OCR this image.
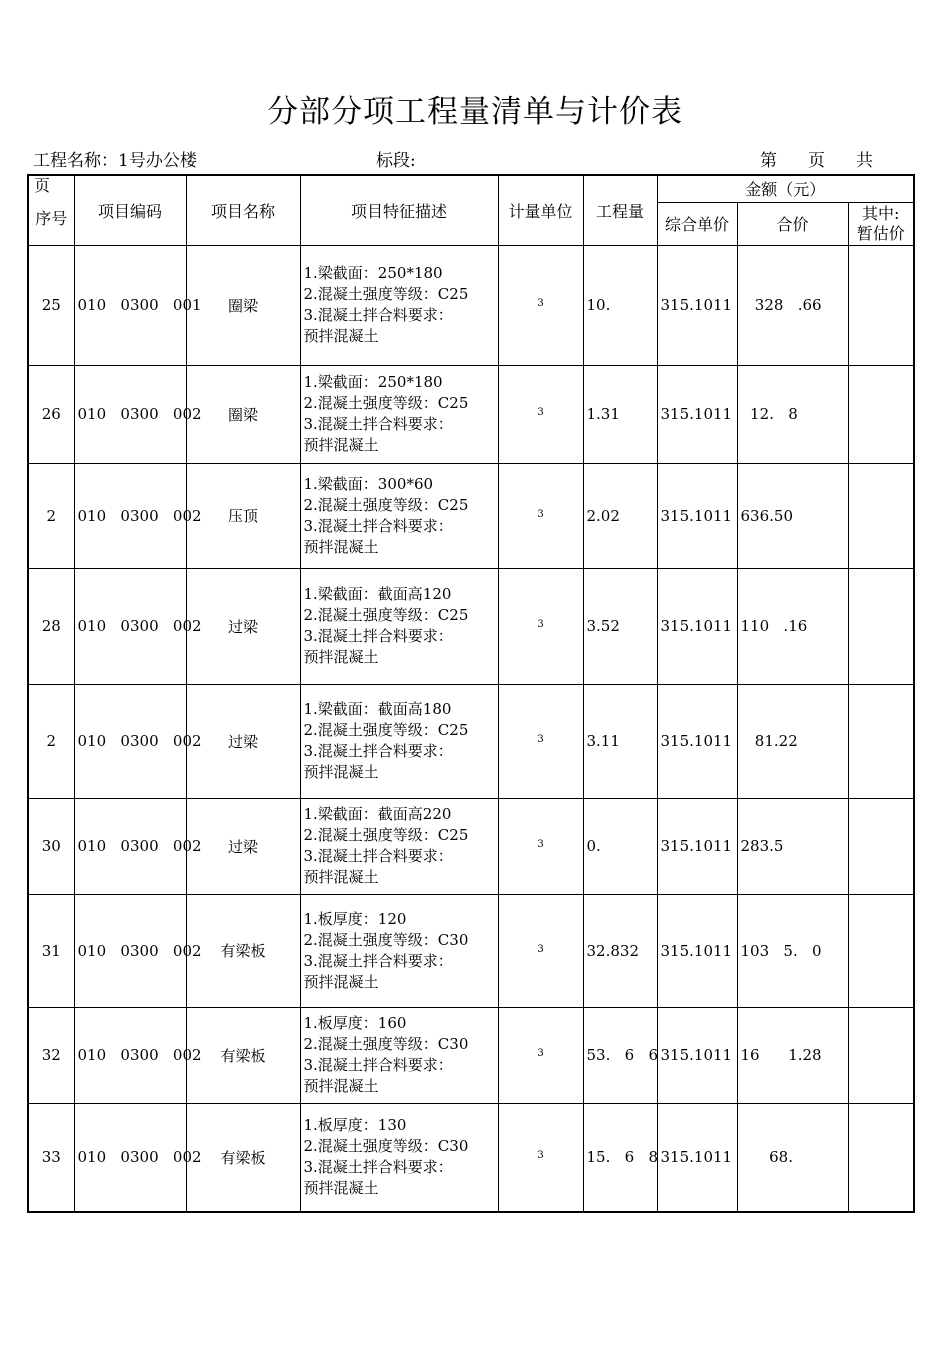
分部分项工程量清单与计价表
工程名称：1号办公楼	标段:	第 页 共
页
序号	项目编码	项目名称	项目特征描述	计量单位	工程量	金额（元）		
						综合单价	合价	其中:
暂估价

25	010   0300   001	圈梁	1.梁截面：250*180
2.混凝土强度等级：C25
3.混凝土拌合料要求：
预拌混凝土	$^3$	10.	315.1011	328   .66	
26	010   0300   002	圈梁	1.梁截面：250*180
2.混凝土强度等级：C25
3.混凝土拌合料要求：
预拌混凝土	$^3$	1.31	315.1011	12.   8	
2	010   0300   002	压顶	1.梁截面：300*60
2.混凝土强度等级：C25
3.混凝土拌合料要求：
预拌混凝土	$^3$	2.02	315.1011	636.50	
28	010   0300   002	过梁	1.梁截面：截面高120
2.混凝土强度等级：C25
3.混凝土拌合料要求：
预拌混凝土	$^3$	3.52	315.1011	110   .16	
2	010   0300   002	过梁	1.梁截面：截面高180
2.混凝土强度等级：C25
3.混凝土拌合料要求：
预拌混凝土	$^3$	3.11	315.1011	81.22	
30	010   0300   002	过梁	1.梁截面：截面高220
2.混凝土强度等级：C25
3.混凝土拌合料要求：
预拌混凝土	$^3$	0.	315.1011	283.5	
31	010   0300   002	有梁板	1.板厚度：120
2.混凝土强度等级：C30
3.混凝土拌合料要求：
预拌混凝土	$^3$	32.832	315.1011	103   5.   0	
32	010   0300   002	有梁板	1.板厚度：160
2.混凝土强度等级：C30
3.混凝土拌合料要求：
预拌混凝土	$^3$	53.   6   6	315.1011	16      1.28	
33	010   0300   002	有梁板	1.板厚度：130
2.混凝土强度等级：C30
3.混凝土拌合料要求：
预拌混凝土	$^3$	15.   6   8	315.1011	68.	
